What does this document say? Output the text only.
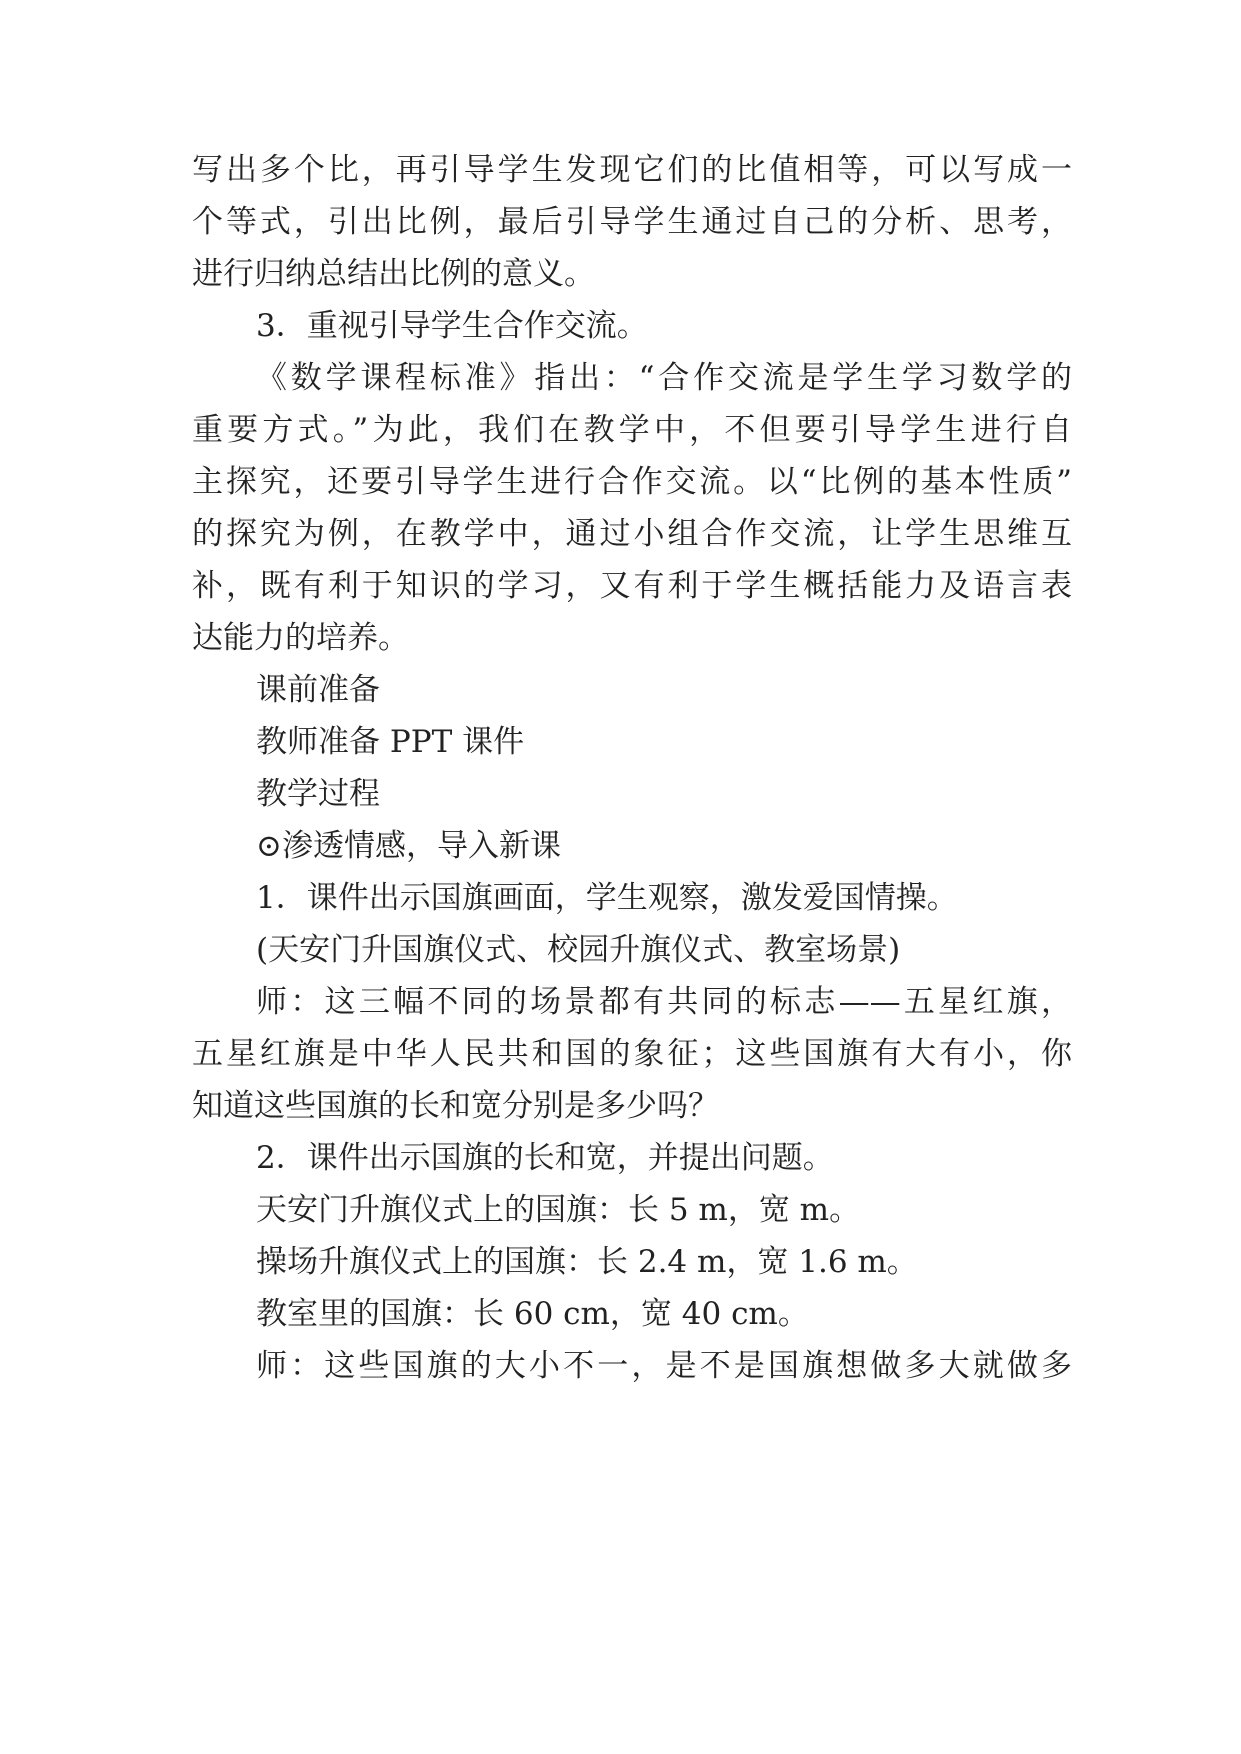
写出多个比，再引导学生发现它们的比值相等，可以写成一
个等式，引出比例，最后引导学生通过自己的分析、思考，
进行归纳总结出比例的意义。
3．重视引导学生合作交流。
《数学课程标准》指出：“合作交流是学生学习数学的
重要方式。”为此，我们在教学中，不但要引导学生进行自
主探究，还要引导学生进行合作交流。以“比例的基本性质”
的探究为例，在教学中，通过小组合作交流，让学生思维互
补，既有利于知识的学习，又有利于学生概括能力及语言表
达能力的培养。
课前准备
教师准备 PPT 课件
教学过程
⊙渗透情感，导入新课
1．课件出示国旗画面，学生观察，激发爱国情操。
(天安门升国旗仪式、校园升旗仪式、教室场景)
师：这三幅不同的场景都有共同的标志——五星红旗，
五星红旗是中华人民共和国的象征；这些国旗有大有小，你
知道这些国旗的长和宽分别是多少吗？
2．课件出示国旗的长和宽，并提出问题。
天安门升旗仪式上的国旗：长 5 m，宽 m。
操场升旗仪式上的国旗：长 2.4 m，宽 1.6 m。
教室里的国旗：长 60 cm，宽 40 cm。
师：这些国旗的大小不一，是不是国旗想做多大就做多
